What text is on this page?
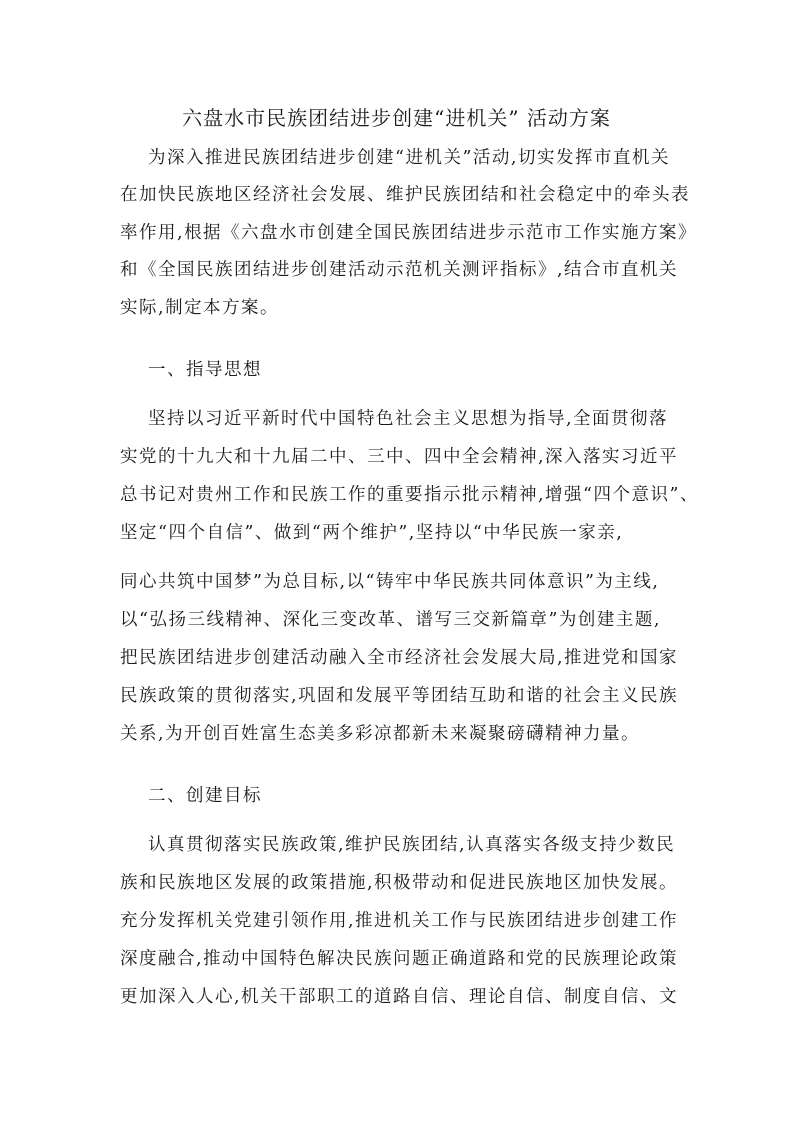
六盘水市民族团结进步创建“进机关” 活动方案
为深入推进民族团结进步创建“进机关”活动,切实发挥市直机关
在加快民族地区经济社会发展、维护民族团结和社会稳定中的牵头表
率作用,根据《六盘水市创建全国民族团结进步示范市工作实施方案》
和《全国民族团结进步创建活动示范机关测评指标》,结合市直机关
实际,制定本方案。
一、指导思想
坚持以习近平新时代中国特色社会主义思想为指导,全面贯彻落
实党的十九大和十九届二中、三中、四中全会精神,深入落实习近平
总书记对贵州工作和民族工作的重要指示批示精神,增强“四个意识”、
坚定“四个自信”、做到“两个维护”,坚持以“中华民族一家亲,
同心共筑中国梦”为总目标,以“铸牢中华民族共同体意识”为主线,
以“弘扬三线精神、深化三变改革、谱写三交新篇章”为创建主题,
把民族团结进步创建活动融入全市经济社会发展大局,推进党和国家
民族政策的贯彻落实,巩固和发展平等团结互助和谐的社会主义民族
关系,为开创百姓富生态美多彩凉都新未来凝聚磅礴精神力量。
二、创建目标
认真贯彻落实民族政策,维护民族团结,认真落实各级支持少数民
族和民族地区发展的政策措施,积极带动和促进民族地区加快发展。
充分发挥机关党建引领作用,推进机关工作与民族团结进步创建工作
深度融合,推动中国特色解决民族问题正确道路和党的民族理论政策
更加深入人心,机关干部职工的道路自信、理论自信、制度自信、文
